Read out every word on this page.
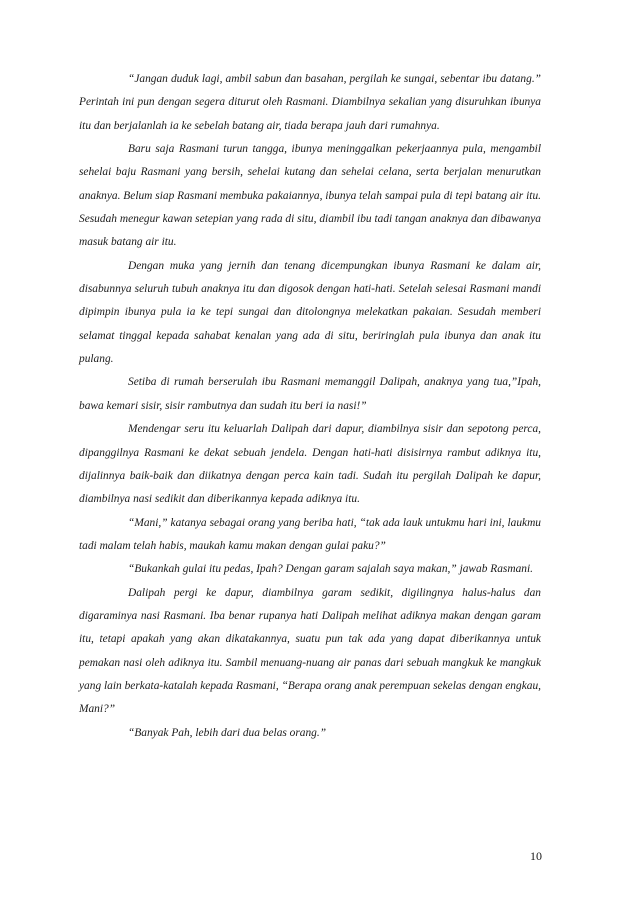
“Jangan duduk lagi, ambil sabun dan basahan, pergilah ke sungai, sebentar ibu datang.” Perintah ini pun dengan segera diturut oleh Rasmani. Diambilnya sekalian yang disuruhkan ibunya itu dan berjalanlah ia ke sebelah batang air, tiada berapa jauh dari rumahnya.

Baru saja Rasmani turun tangga, ibunya meninggalkan pekerjaannya pula, mengambil sehelai baju Rasmani yang bersih, sehelai kutang dan sehelai celana, serta berjalan menurutkan anaknya. Belum siap Rasmani membuka pakaiannya, ibunya telah sampai pula di tepi batang air itu. Sesudah menegur kawan setepian yang rada di situ, diambil ibu tadi tangan anaknya dan dibawanya masuk batang air itu.

Dengan muka yang jernih dan tenang dicempungkan ibunya Rasmani ke dalam air, disabunnya seluruh tubuh anaknya itu dan digosok dengan hati-hati. Setelah selesai Rasmani mandi dipimpin ibunya pula ia ke tepi sungai dan ditolongnya melekatkan pakaian. Sesudah memberi selamat tinggal kepada sahabat kenalan yang ada di situ, beriringlah pula ibunya dan anak itu pulang.

Setiba di rumah berserulah ibu Rasmani memanggil Dalipah, anaknya yang tua,”Ipah, bawa kemari sisir, sisir rambutnya dan sudah itu beri ia nasi!”

Mendengar seru itu keluarlah Dalipah dari dapur, diambilnya sisir dan sepotong perca, dipanggilnya Rasmani ke dekat sebuah jendela. Dengan hati-hati disisirnya rambut adiknya itu, dijalinnya baik-baik dan diikatnya dengan perca kain tadi. Sudah itu pergilah Dalipah ke dapur, diambilnya nasi sedikit dan diberikannya kepada adiknya itu.

“Mani,” katanya sebagai orang yang beriba hati, “tak ada lauk untukmu hari ini, laukmu tadi malam telah habis, maukah kamu makan dengan gulai paku?”

“Bukankah gulai itu pedas, Ipah? Dengan garam sajalah saya makan,” jawab Rasmani.

Dalipah pergi ke dapur, diambilnya garam sedikit, digilingnya halus-halus dan digaraminya nasi Rasmani. Iba benar rupanya hati Dalipah melihat adiknya makan dengan garam itu, tetapi apakah yang akan dikatakannya, suatu pun tak ada yang dapat diberikannya untuk pemakan nasi oleh adiknya itu. Sambil menuang-nuang air panas dari sebuah mangkuk ke mangkuk yang lain berkata-katalah kepada Rasmani, “Berapa orang anak perempuan sekelas dengan engkau, Mani?”

“Banyak Pah, lebih dari dua belas orang.”

10
